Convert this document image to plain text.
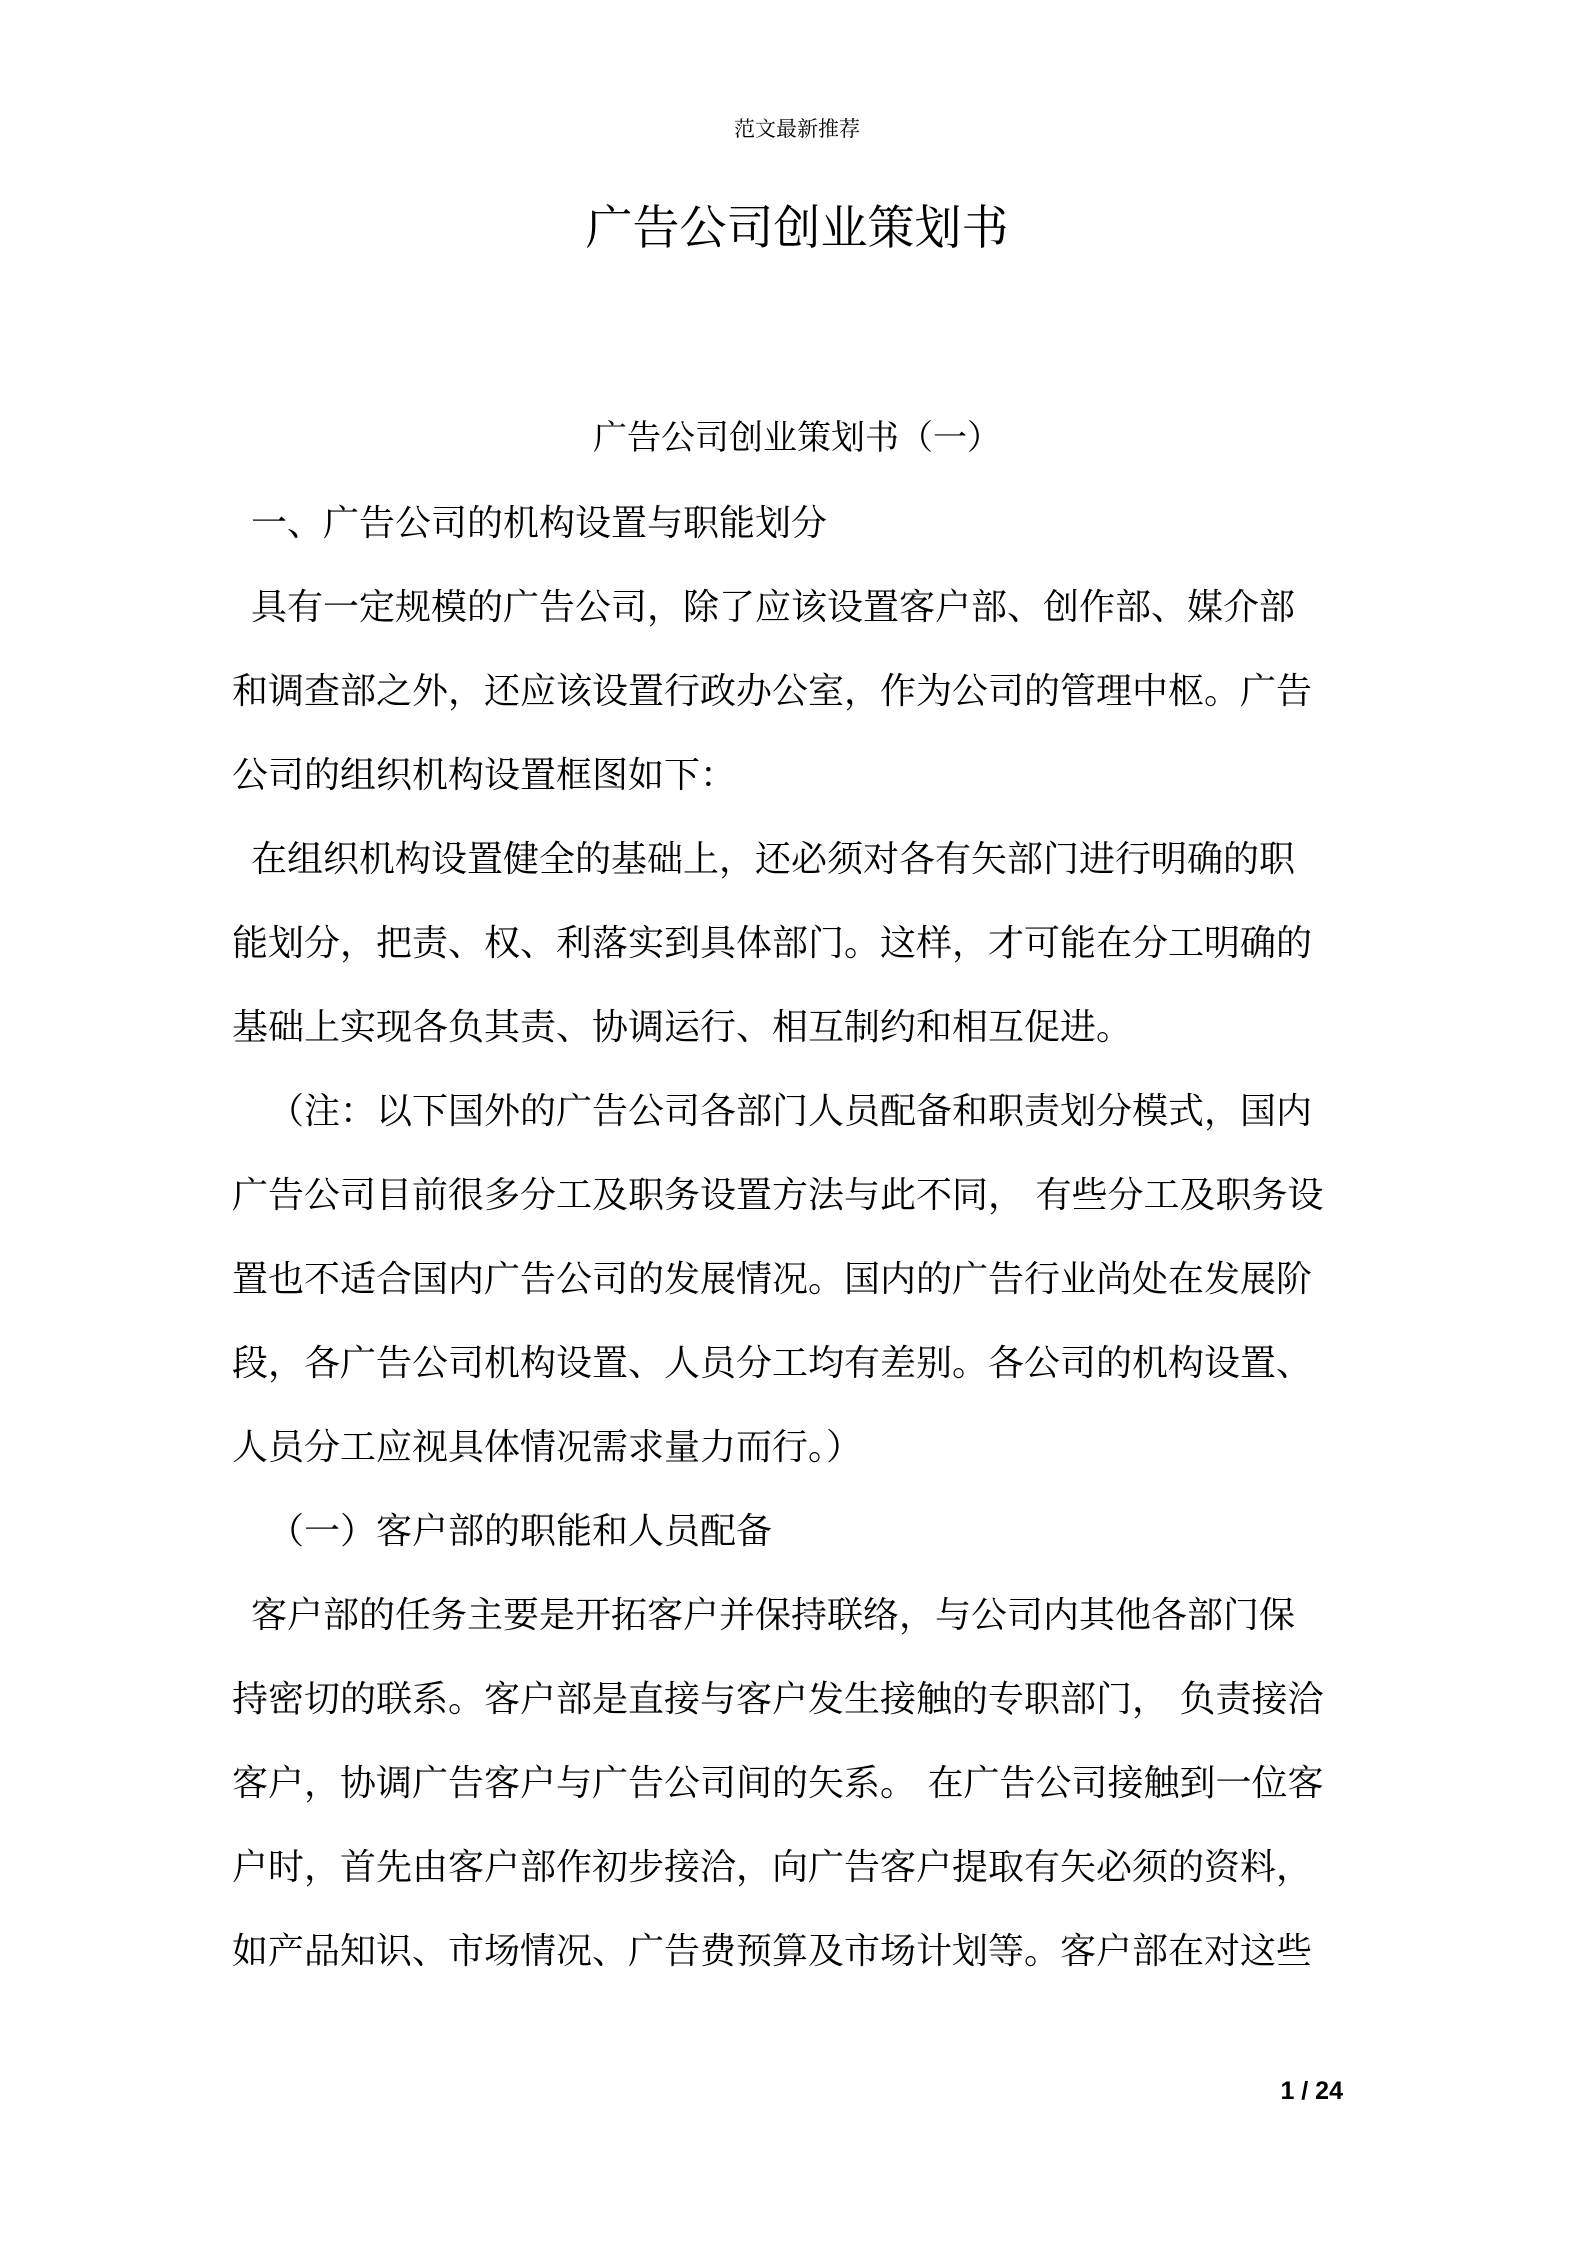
范文最新推荐
广告公司创业策划书
广告公司创业策划书（一）
一、广告公司的机构设置与职能划分
具有一定规模的广告公司，除了应该设置客户部、创作部、媒介部
和调查部之外，还应该设置行政办公室，作为公司的管理中枢。广告
公司的组织机构设置框图如下：
在组织机构设置健全的基础上，还必须对各有矢部门进行明确的职
能划分，把责、权、利落实到具体部门。这样，才可能在分工明确的
基础上实现各负其责、协调运行、相互制约和相互促进。
（注：以下国外的广告公司各部门人员配备和职责划分模式，国内
广告公司目前很多分工及职务设置方法与此不同， 有些分工及职务设
置也不适合国内广告公司的发展情况。国内的广告行业尚处在发展阶
段，各广告公司机构设置、人员分工均有差别。各公司的机构设置、
人员分工应视具体情况需求量力而行。）
（一）客户部的职能和人员配备
客户部的任务主要是开拓客户并保持联络，与公司内其他各部门保
持密切的联系。客户部是直接与客户发生接触的专职部门， 负责接洽
客户，协调广告客户与广告公司间的矢系。 在广告公司接触到一位客
户时，首先由客户部作初步接洽，向广告客户提取有矢必须的资料，
如产品知识、市场情况、广告费预算及市场计划等。客户部在对这些
1 / 24
